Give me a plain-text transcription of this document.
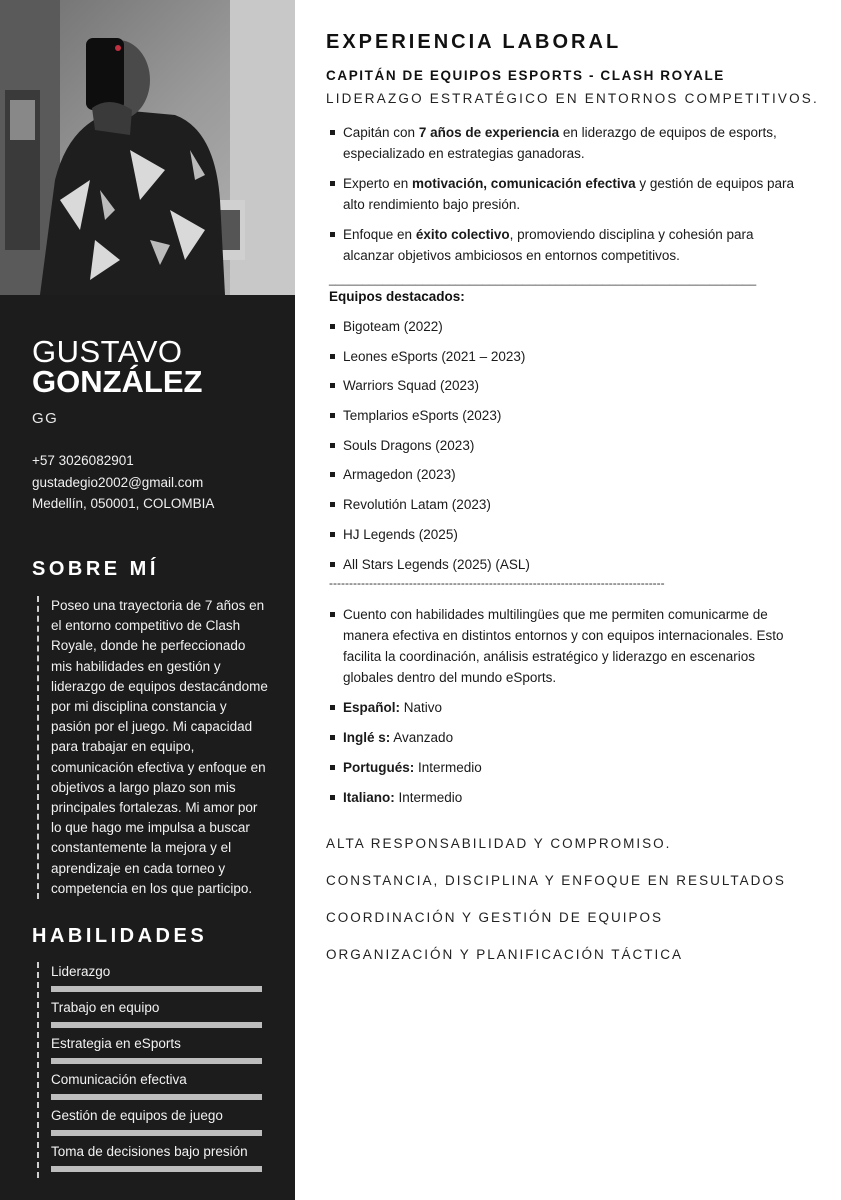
GUSTAVO
GONZÁLEZ
GG
+57 3026082901
gustadegio2002@gmail.com
Medellín, 050001, COLOMBIA
SOBRE MÍ
Poseo una trayectoria de 7 años en el entorno competitivo de Clash Royale, donde he perfeccionado mis habilidades en gestión y liderazgo de equipos destacándome por mi disciplina constancia y pasión por el juego. Mi capacidad para trabajar en equipo, comunicación efectiva y enfoque en objetivos a largo plazo son mis principales fortalezas. Mi amor por lo que hago me impulsa a buscar constantemente la mejora y el aprendizaje en cada torneo y competencia en los que participo.
HABILIDADES
Liderazgo
Trabajo en equipo
Estrategia en eSports
Comunicación efectiva
Gestión de equipos de juego
Toma de decisiones bajo presión
EXPERIENCIA LABORAL
CAPITÁN DE EQUIPOS ESPORTS - CLASH ROYALE
LIDERAZGO ESTRATÉGICO EN ENTORNOS COMPETITIVOS.
Capitán con 7 años de experiencia en liderazgo de equipos de esports, especializado en estrategias ganadoras.
Experto en motivación, comunicación efectiva y gestión de equipos para alto rendimiento bajo presión.
Enfoque en éxito colectivo, promoviendo disciplina y cohesión para alcanzar objetivos ambiciosos en entornos competitivos.
________________________________________________________________
Equipos destacados:
Bigoteam (2022)
Leones eSports (2021 – 2023)
Warriors Squad (2023)
Templarios eSports (2023)
Souls Dragons (2023)
Armagedon (2023)
Revolutión Latam (2023)
HJ Legends (2025)
All Stars Legends (2025) (ASL)
------------------------------------------------------------------------------------
Cuento con habilidades multilingües que me permiten comunicarme de manera efectiva en distintos entornos y con equipos internacionales. Esto facilita la coordinación, análisis estratégico y liderazgo en escenarios globales dentro del mundo eSports.
Español: Nativo
Inglé s: Avanzado
Portugués: Intermedio
Italiano: Intermedio
ALTA RESPONSABILIDAD Y COMPROMISO.
CONSTANCIA, DISCIPLINA Y ENFOQUE EN RESULTADOS
COORDINACIÓN Y GESTIÓN DE EQUIPOS
ORGANIZACIÓN Y PLANIFICACIÓN TÁCTICA
